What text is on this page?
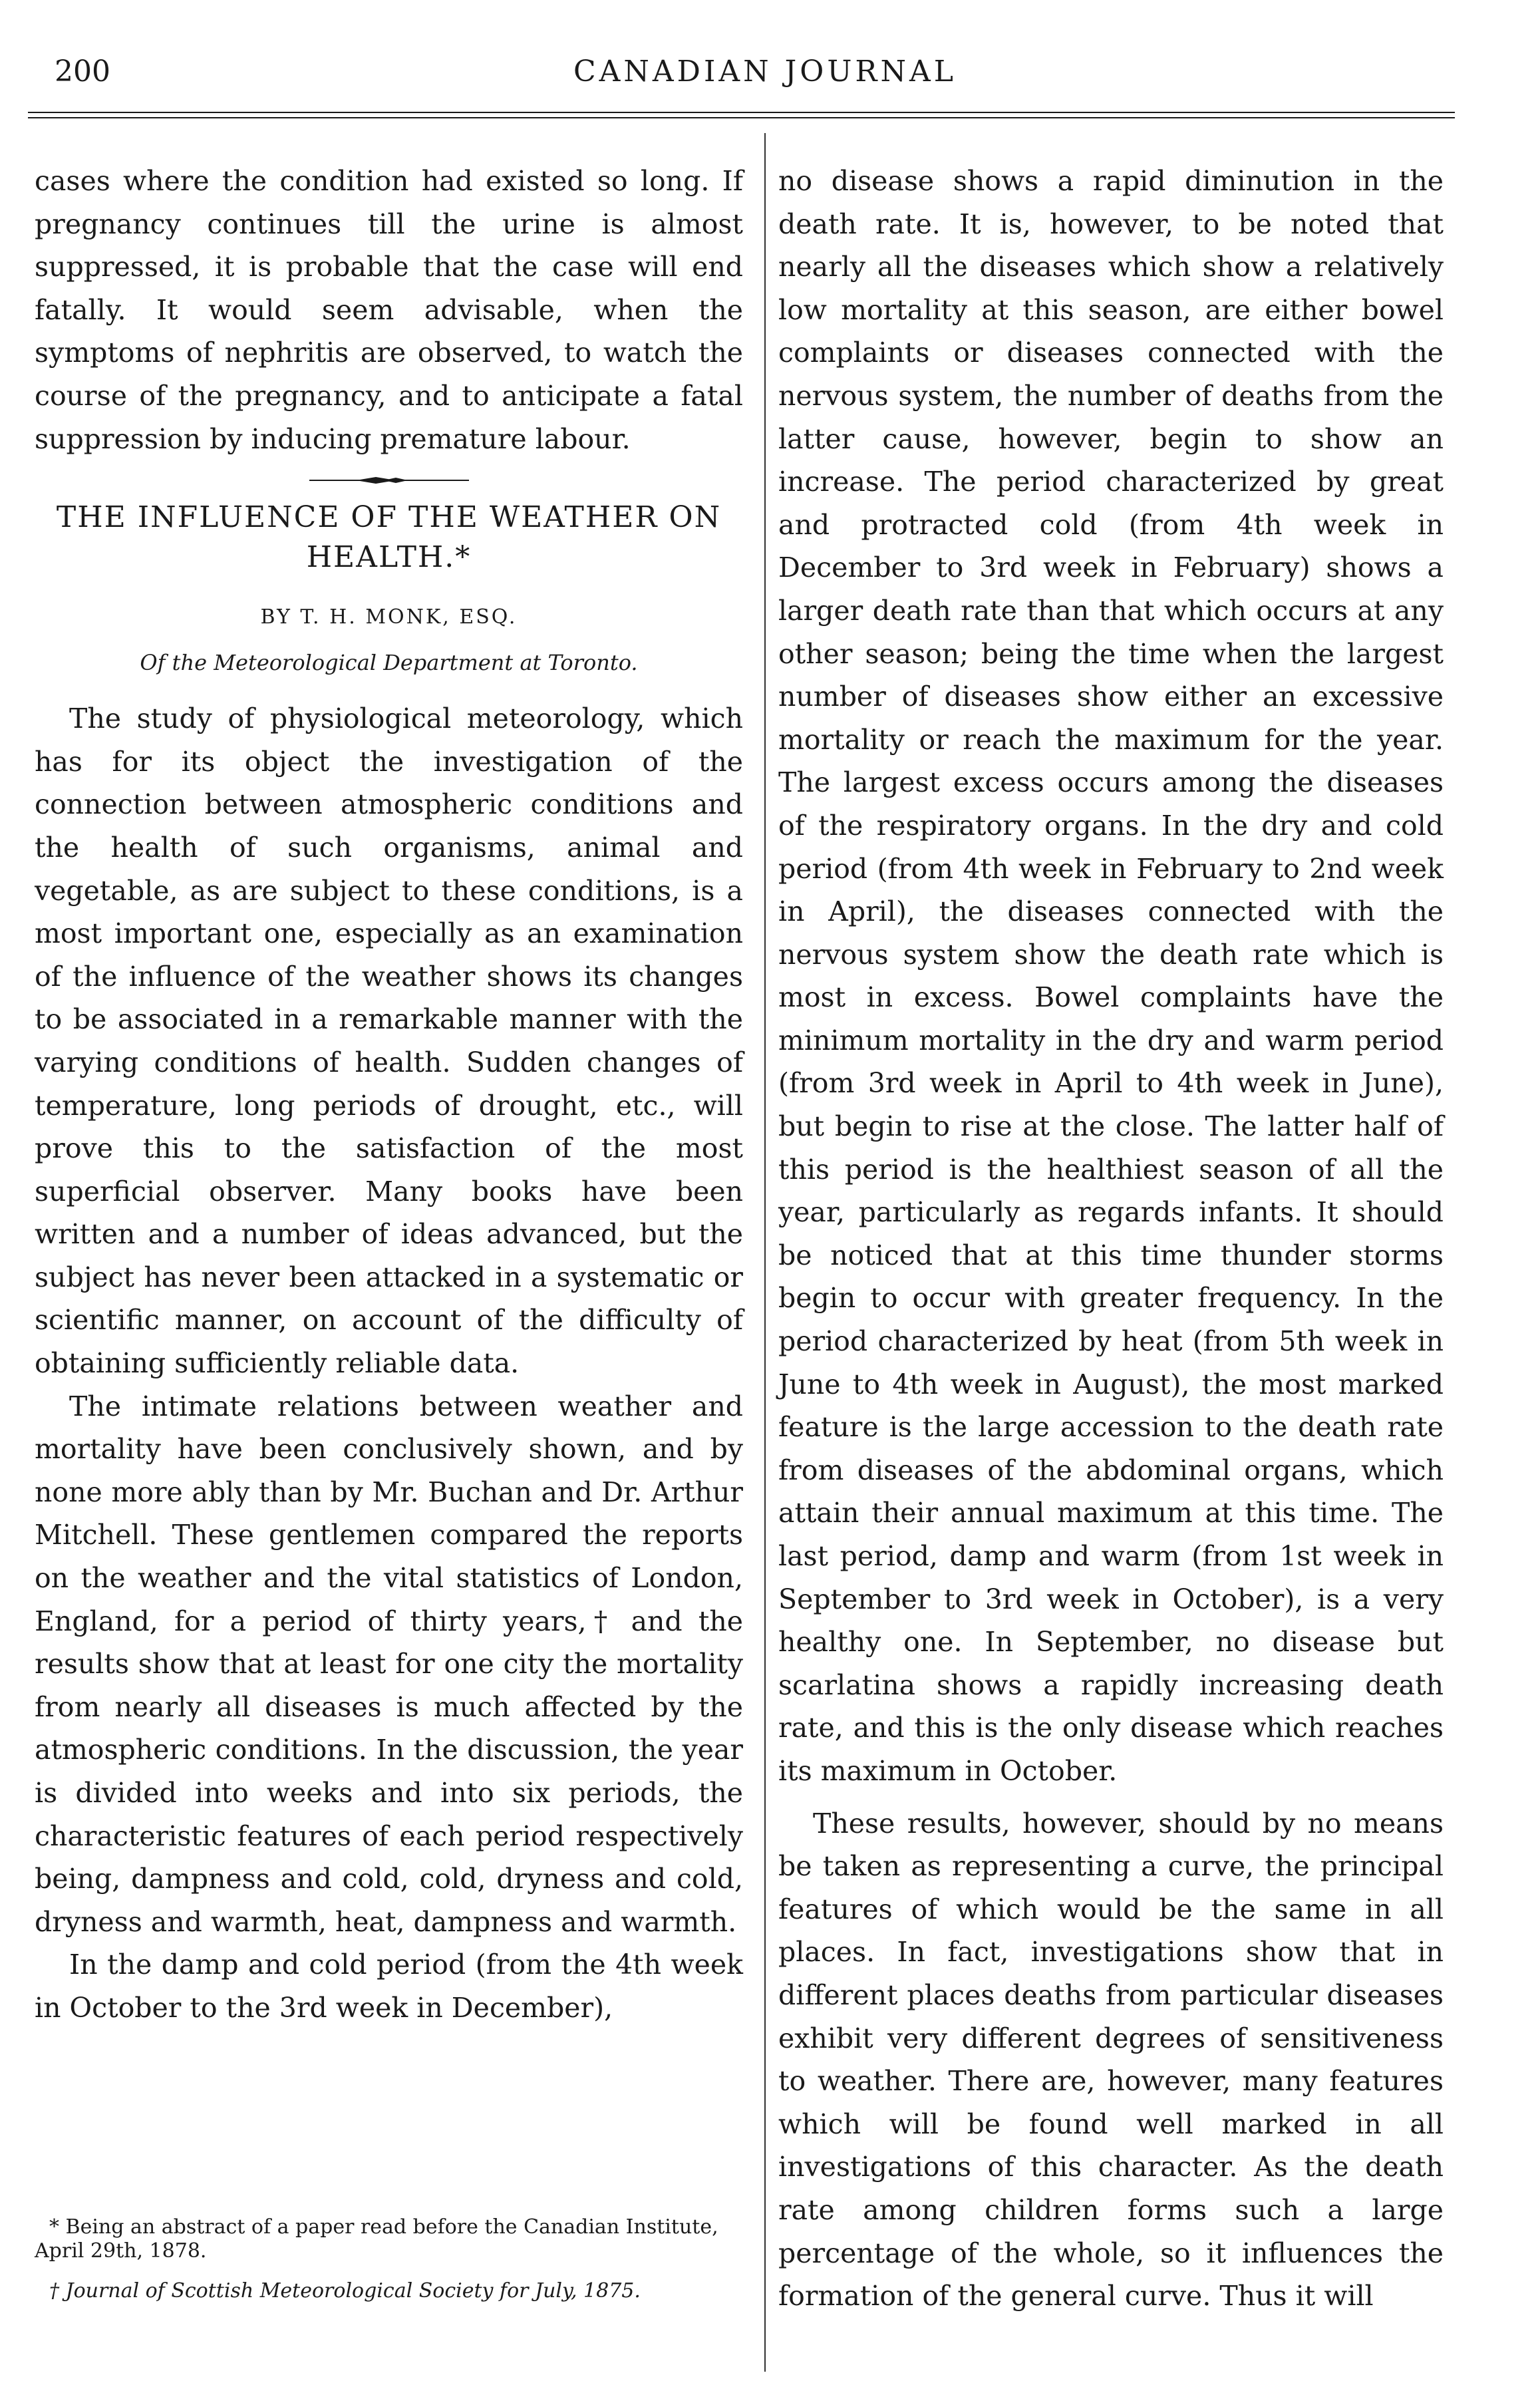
200	CANADIAN JOURNAL

cases where the condition had existed so long. If pregnancy continues till the urine is almost suppressed, it is probable that the case will end fatally. It would seem advisable, when the symptoms of nephritis are observed, to watch the course of the pregnancy, and to anticipate a fatal suppression by inducing premature labour.

THE INFLUENCE OF THE WEATHER ON HEALTH.*

BY T. H. MONK, ESQ.

Of the Meteorological Department at Toronto.

The study of physiological meteorology, which has for its object the investigation of the connection between atmospheric conditions and the health of such organisms, animal and vegetable, as are subject to these conditions, is a most important one, especially as an examination of the influence of the weather shows its changes to be associated in a remarkable manner with the varying conditions of health. Sudden changes of temperature, long periods of drought, etc., will prove this to the satisfaction of the most superficial observer. Many books have been written and a number of ideas advanced, but the subject has never been attacked in a systematic or scientific manner, on account of the difficulty of obtaining sufficiently reliable data.

The intimate relations between weather and mortality have been conclusively shown, and by none more ably than by Mr. Buchan and Dr. Arthur Mitchell. These gentlemen compared the reports on the weather and the vital statistics of London, England, for a period of thirty years,† and the results show that at least for one city the mortality from nearly all diseases is much affected by the atmospheric conditions. In the discussion, the year is divided into weeks and into six periods, the characteristic features of each period respectively being, dampness and cold, cold, dryness and cold, dryness and warmth, heat, dampness and warmth.

In the damp and cold period (from the 4th week in October to the 3rd week in December),

* Being an abstract of a paper read before the Canadian Institute, April 29th, 1878.

† Journal of Scottish Meteorological Society for July, 1875.

no disease shows a rapid diminution in the death rate. It is, however, to be noted that nearly all the diseases which show a relatively low mortality at this season, are either bowel complaints or diseases connected with the nervous system, the number of deaths from the latter cause, however, begin to show an increase. The period characterized by great and protracted cold (from 4th week in December to 3rd week in February) shows a larger death rate than that which occurs at any other season; being the time when the largest number of diseases show either an excessive mortality or reach the maximum for the year. The largest excess occurs among the diseases of the respiratory organs. In the dry and cold period (from 4th week in February to 2nd week in April), the diseases connected with the nervous system show the death rate which is most in excess. Bowel complaints have the minimum mortality in the dry and warm period (from 3rd week in April to 4th week in June), but begin to rise at the close. The latter half of this period is the healthiest season of all the year, particularly as regards infants. It should be noticed that at this time thunder storms begin to occur with greater frequency. In the period characterized by heat (from 5th week in June to 4th week in August), the most marked feature is the large accession to the death rate from diseases of the abdominal organs, which attain their annual maximum at this time. The last period, damp and warm (from 1st week in September to 3rd week in October), is a very healthy one. In September, no disease but scarlatina shows a rapidly increasing death rate, and this is the only disease which reaches its maximum in October.

These results, however, should by no means be taken as representing a curve, the principal features of which would be the same in all places. In fact, investigations show that in different places deaths from particular diseases exhibit very different degrees of sensitiveness to weather. There are, however, many features which will be found well marked in all investigations of this character. As the death rate among children forms such a large percentage of the whole, so it influences the formation of the general curve. Thus it will
